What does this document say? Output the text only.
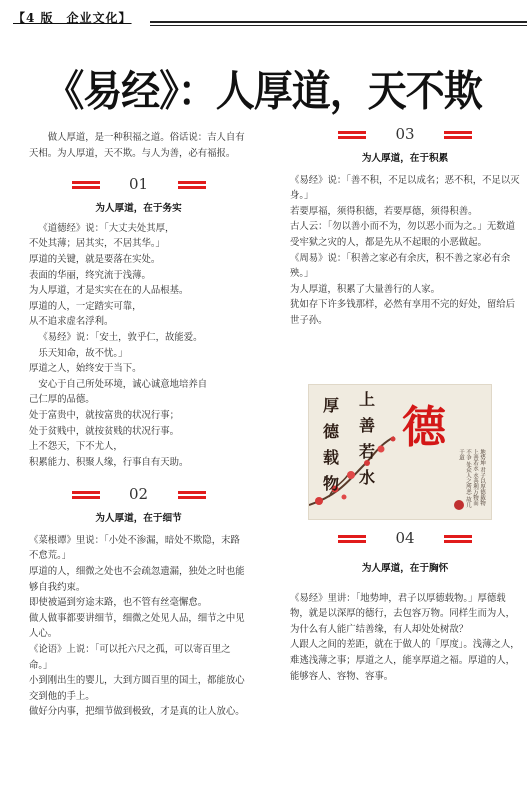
【4 版　企业文化】
《易经》：人厚道，天不欺

做人厚道，是一种积福之道。俗话说：吉人自有天相。为人厚道，天不欺。与人为善，必有福报。

01
为人厚道，在于务实

《道德经》说：「大丈夫处其厚，

不处其薄；居其实，不居其华。」

厚道的关键，就是要落在实处。

表面的华丽，终究流于浅薄。

为人厚道，才是实实在在的人品根基。

厚道的人，一定踏实可靠，

从不追求虚名浮利。

《易经》说：「安土，敦乎仁，故能爱。

乐天知命，故不忧。」

厚道之人，始终安于当下。

安心于自己所处环境，诚心诚意地培养自

己仁厚的品德。

处于富贵中，就按富贵的状况行事；

处于贫贱中，就按贫贱的状况行事。

上不怨天，下不尤人，

积累能力、积聚人缘，行事自有天助。

02
为人厚道，在于细节

《菜根谭》里说：「小处不渗漏，暗处不欺隐，末路不怠荒。」

厚道的人，细微之处也不会疏忽遗漏，独处之时也能够自我约束。

即使被逼到穷途末路，也不管有丝毫懈怠。

做人做事都要讲细节，细微之处见人品，细节之中见人心。

《论语》上说：「可以托六尺之孤，可以寄百里之命。」

小到刚出生的婴儿，大到方圆百里的国土，都能放心交到他的手上。

做好分内事，把细节做到极致，才是真的让人放心。

03
为人厚道，在于积累

《易经》说：「善不积，不足以成名；恶不积，不足以灭身。」

若要厚福，须得积德，若要厚德，须得积善。

古人云：「勿以善小而不为，勿以恶小而为之。」无数道受牢狱之灾的人，都是先从不起眼的小恶做起。

《周易》说：「积善之家必有余庆，积不善之家必有余殃。」

为人厚道，积累了大量善行的人家。

犹如存下许多钱那样，必然有享用不完的好处，留给后世子孙。

厚德载物
上善若水
德
地势坤 君子以厚德载物 上善若水 水善利万物而不争 处众人之所恶 故几于道
04
为人厚道，在于胸怀

《易经》里讲：「地势坤，君子以厚德载物。」厚德载物，就是以深厚的德行，去包容万物。同样生而为人，为什么有人能广结善缘，有人却处处树敌？

人跟人之间的差距，就在于做人的「厚度」。浅薄之人，难逃浅薄之事；厚道之人，能享厚道之福。厚道的人，能够容人、容物、容事。
